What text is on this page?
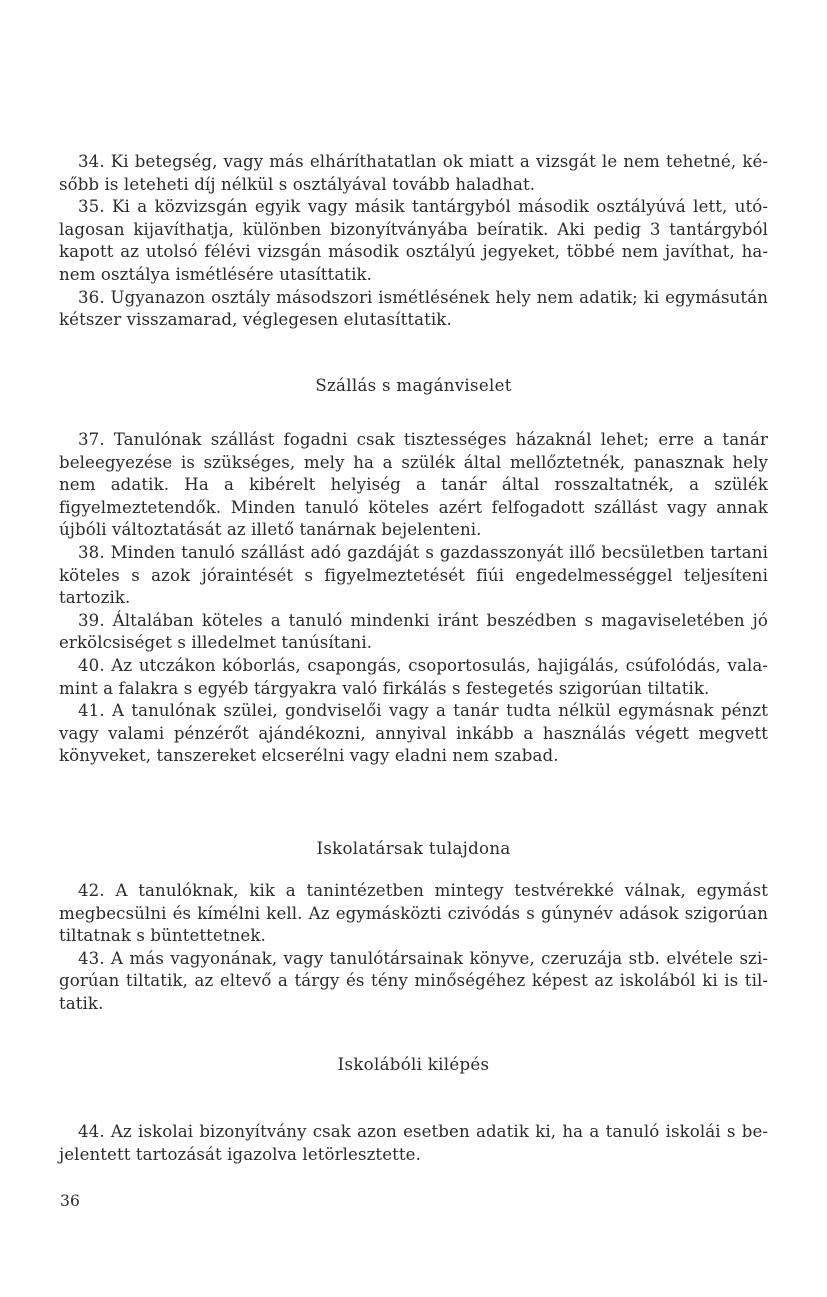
34. Ki betegség, vagy más elháríthatatlan ok miatt a vizsgát le nem tehetné, később is leteheti díj nélkül s osztályával tovább haladhat.

35. Ki a közvizsgán egyik vagy másik tantárgyból második osztályúvá lett, utólagosan kijavíthatja, különben bizonyítványába beíratik. Aki pedig 3 tantárgyból kapott az utolsó félévi vizsgán második osztályú jegyeket, többé nem javíthat, hanem osztálya ismétlésére utasíttatik.

36. Ugyanazon osztály másodszori ismétlésének hely nem adatik; ki egymásután kétszer visszamarad, véglegesen elutasíttatik.

Szállás s magánviselet

37. Tanulónak szállást fogadni csak tisztességes házaknál lehet; erre a tanár beleegyezése is szükséges, mely ha a szülék által mellőztetnék, panasznak hely nem adatik. Ha a kibérelt helyiség a tanár által rosszaltatnék, a szülék figyelmeztetendők. Minden tanuló köteles azért felfogadott szállást vagy annak újbóli változtatását az illető tanárnak bejelenteni.

38. Minden tanuló szállást adó gazdáját s gazdasszonyát illő becsületben tartani köteles s azok jóraintését s figyelmeztetését fiúi engedelmességgel teljesíteni tartozik.

39. Általában köteles a tanuló mindenki iránt beszédben s magaviseletében jó erkölcsiséget s illedelmet tanúsítani.

40. Az utczákon kóborlás, csapongás, csoportosulás, hajigálás, csúfolódás, valamint a falakra s egyéb tárgyakra való firkálás s festegetés szigorúan tiltatik.

41. A tanulónak szülei, gondviselői vagy a tanár tudta nélkül egymásnak pénzt vagy valami pénzérőt ajándékozni, annyival inkább a használás végett megvett könyveket, tanszereket elcserélni vagy eladni nem szabad.

Iskolatársak tulajdona

42. A tanulóknak, kik a tanintézetben mintegy testvérekké válnak, egymást megbecsülni és kímélni kell. Az egymásközti czivódás s gúnynév adások szigorúan tiltatnak s büntettetnek.

43. A más vagyonának, vagy tanulótársainak könyve, czeruzája stb. elvétele szigorúan tiltatik, az eltevő a tárgy és tény minőségéhez képest az iskolából ki is tiltatik.

Iskolábóli kilépés

44. Az iskolai bizonyítvány csak azon esetben adatik ki, ha a tanuló iskolái s bejelentett tartozását igazolva letörlesztette.

36
